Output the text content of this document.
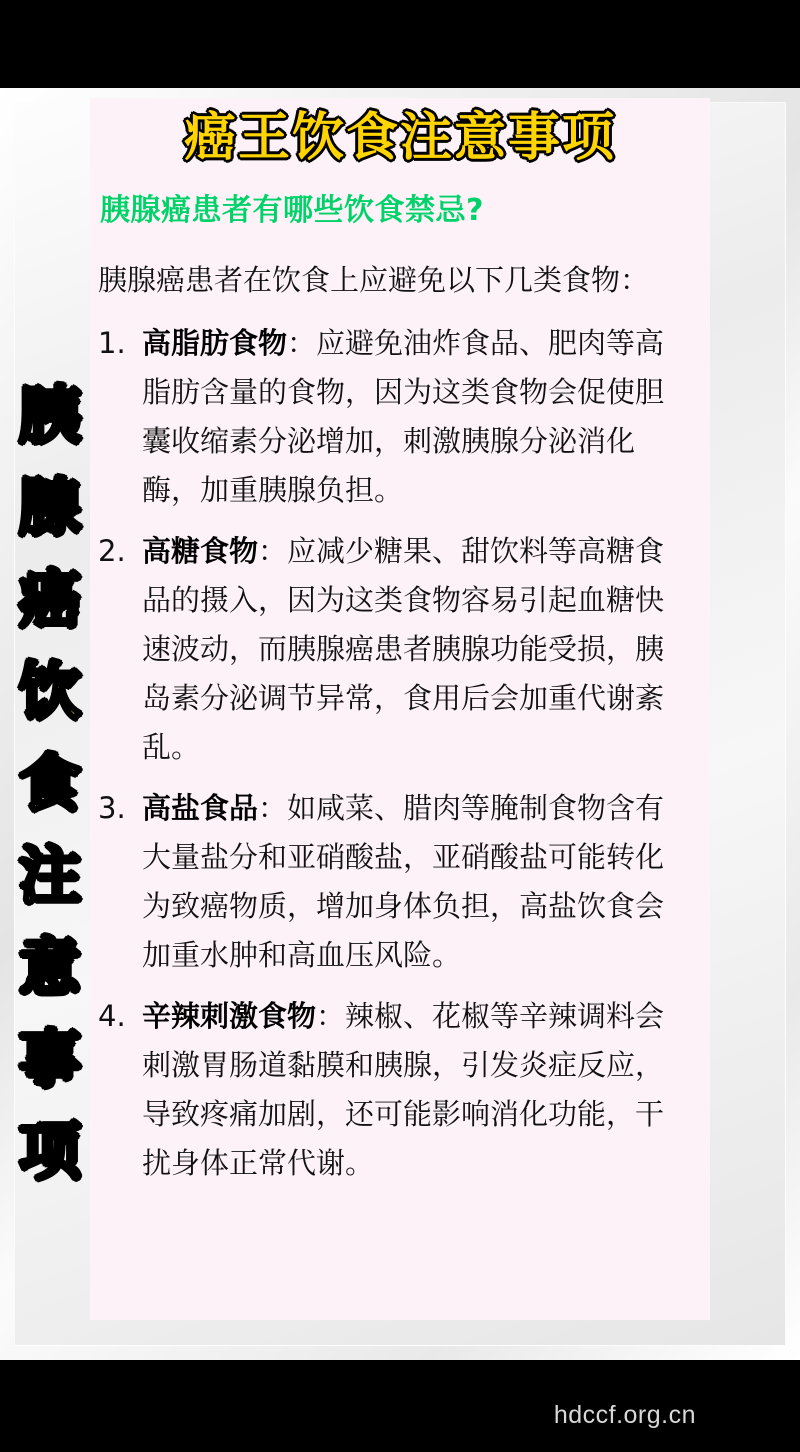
癌王饮食注意事项
胰腺癌患者有哪些饮食禁忌?

胰腺癌患者在饮食上应避免以下几类食物：

1. 高脂肪食物：应避免油炸食品、肥肉等高脂肪含量的食物，因为这类食物会促使胆囊收缩素分泌增加，刺激胰腺分泌消化酶，加重胰腺负担。
2. 高糖食物：应减少糖果、甜饮料等高糖食品的摄入，因为这类食物容易引起血糖快速波动，而胰腺癌患者胰腺功能受损，胰岛素分泌调节异常，食用后会加重代谢紊乱。
3. 高盐食品：如咸菜、腊肉等腌制食物含有大量盐分和亚硝酸盐，亚硝酸盐可能转化为致癌物质，增加身体负担，高盐饮食会加重水肿和高血压风险。
4. 辛辣刺激食物：辣椒、花椒等辛辣调料会刺激胃肠道黏膜和胰腺，引发炎症反应，导致疼痛加剧，还可能影响消化功能，干扰身体正常代谢。
胰
腺
癌
饮
食
注
意
事
项
hdccf.org.cn
